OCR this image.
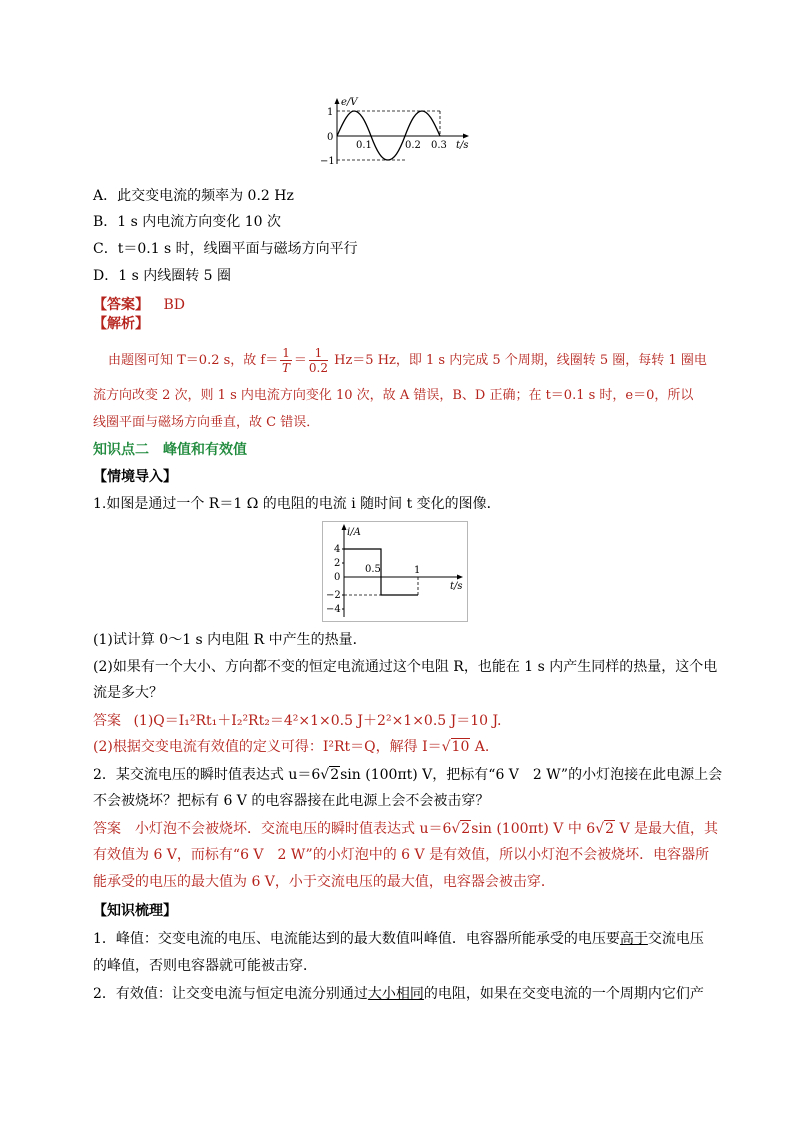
e/V
1
0
−1
0.1	0.2 0.3 t/s
A．此交变电流的频率为 0.2 Hz
B．1 s 内电流方向变化 10 次
C．t＝0.1 s 时，线圈平面与磁场方向平行
D．1 s 内线圈转 5 圈
【答案】 BD
【解析】
由题图可知 T＝0.2 s，故 $f= \frac{1}{T} = \frac{1}{0.2} Hz=5$ Hz，即 1 s 内完成 5 个周期，线圈转 5 圈，每转 1 圈电
流方向改变 2 次，则 1 s 内电流方向变化 10 次，故 A 错误，B、D 正确；在 t＝0.1 s 时，e＝0，所以
线圈平面与磁场方向垂直，故 C 错误．
知识点二　峰值和有效值
【情境导入】
1.如图是通过一个 R＝1 Ω 的电阻的电流 i 随时间 t 变化的图像．
i/A
4
2
0
−2
−4
0.5	1
t/s
(1)试计算 0～1 s 内电阻 R 中产生的热量．
(2)如果有一个大小、方向都不变的恒定电流通过这个电阻 R，也能在 1 s 内产生同样的热量，这个电
流是多大？
答案 (1)Q＝I₁²Rt₁＋I₂²Rt₂＝4²×1×0.5 J＋2²×1×0.5 J＝10 J.
(2)根据交变电流有效值的定义可得：I²Rt＝Q，解得 I＝√10 A.
2．某交流电压的瞬时值表达式 u＝6√2sin (100πt) V，把标有“6 V　2 W”的小灯泡接在此电源上会
不会被烧坏？把标有 6 V 的电容器接在此电源上会不会被击穿？
答案　小灯泡不会被烧坏．交流电压的瞬时值表达式 u＝6√2sin (100πt) V 中 6√2 V 是最大值，其
有效值为 6 V，而标有“6 V　2 W”的小灯泡中的 6 V 是有效值，所以小灯泡不会被烧坏．电容器所
能承受的电压的最大值为 6 V，小于交流电压的最大值，电容器会被击穿．
【知识梳理】
1．峰值：交变电流的电压、电流能达到的最大数值叫峰值．电容器所能承受的电压要高于交流电压
的峰值，否则电容器就可能被击穿．
2．有效值：让交变电流与恒定电流分别通过大小相同的电阻，如果在交变电流的一个周期内它们产
